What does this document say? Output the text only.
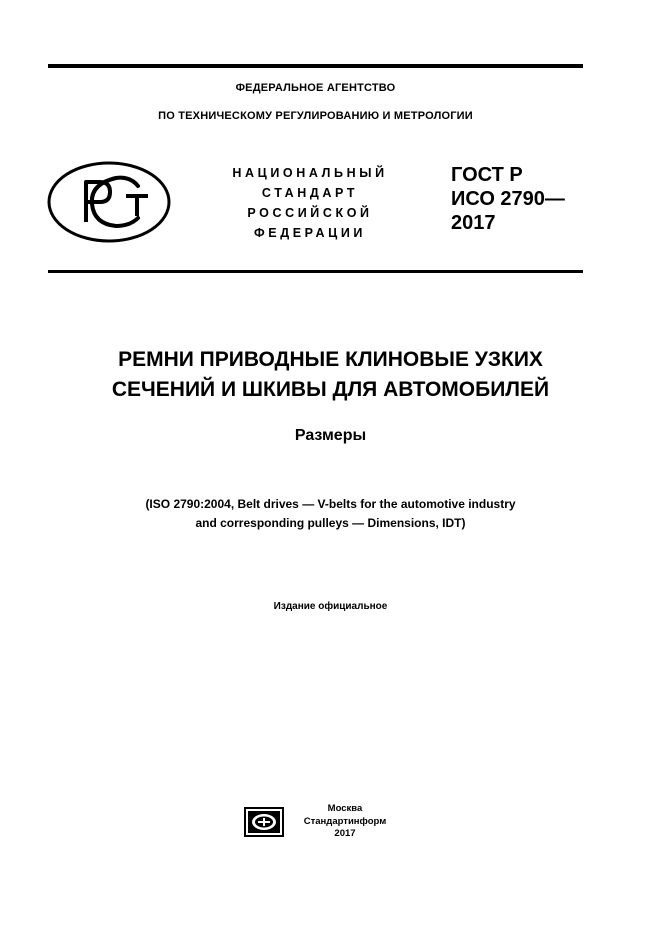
ФЕДЕРАЛЬНОЕ АГЕНТСТВО
ПО ТЕХНИЧЕСКОМУ РЕГУЛИРОВАНИЮ И МЕТРОЛОГИИ
НАЦИОНАЛЬНЫЙ
СТАНДАРТ
РОССИЙСКОЙ
ФЕДЕРАЦИИ
ГОСТ Р
ИСО 2790—
2017
РЕМНИ ПРИВОДНЫЕ КЛИНОВЫЕ УЗКИХ
СЕЧЕНИЙ И ШКИВЫ ДЛЯ АВТОМОБИЛЕЙ
Размеры
(ISO 2790:2004, Belt drives — V-belts for the automotive industry
and corresponding pulleys — Dimensions, IDT)
Издание официальное
Москва
Стандартинформ
2017
